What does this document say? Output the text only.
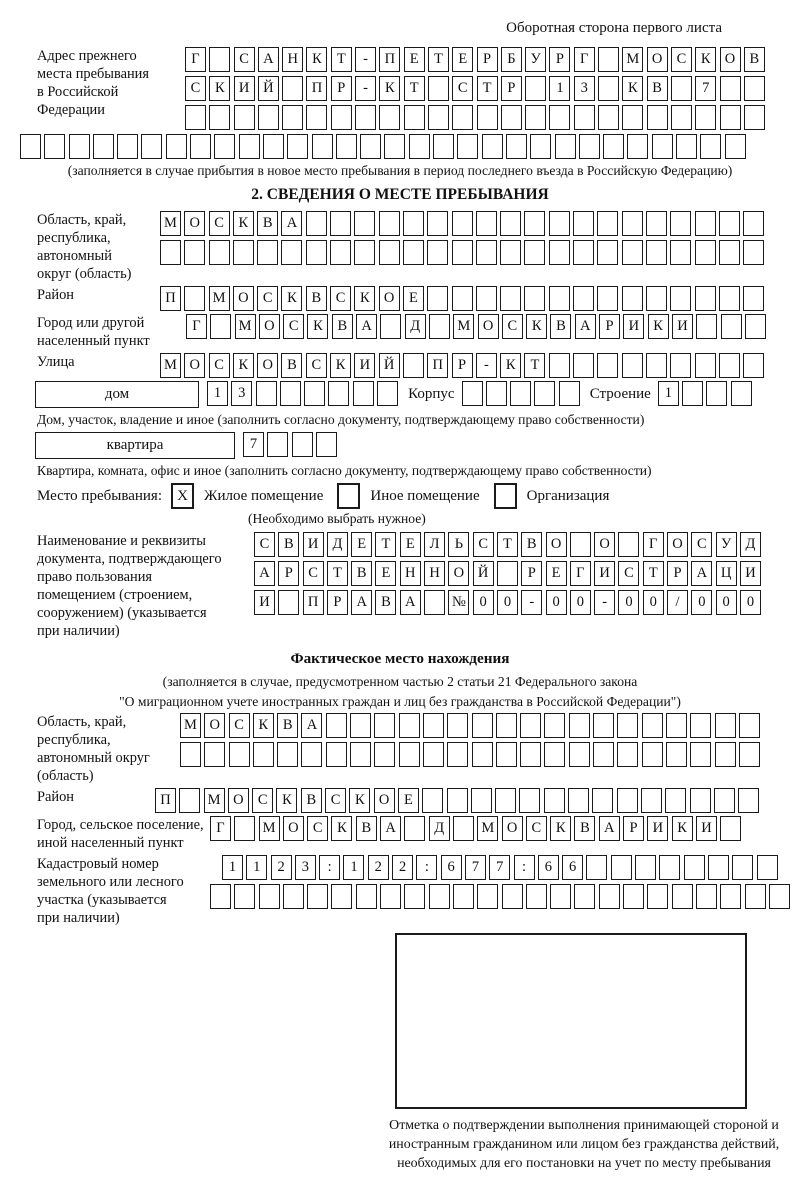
Оборотная сторона первого листа
Адрес прежнего
места пребывания
в Российской
Федерации
Г	С А Н К	Т	-	П	Е	Т	Е	Р	Б	У	Р	Г	М О С	К О В
С	К И Й	П	Р	-	К	Т	С	Т	Р	1	3	К	В	7
(заполняется в случае прибытия в новое место пребывания в период последнего въезда в Российскую Федерацию)
2. СВЕДЕНИЯ О МЕСТЕ ПРЕБЫВАНИЯ
Область, край,
республика,
автономный
округ (область)
М О С	К	В А
Район	П	М О С	К	В	С	К О	Е
Город или другой
населенный пункт
Г	М О С	К	В А	Д	М О С	К	В А	Р	И К И
Улица	М О С	К О В	С	К И Й	П	Р	-	К	Т
дом	1	3	Корпус	Строение 1
Дом, участок, владение и иное (заполнить согласно документу, подтверждающему право собственности)
квартира	7
Квартира, комната, офис и иное (заполнить согласно документу, подтверждающему право собственности)
Место пребывания:	X	Жилое помещение	Иное помещение	Организация
(Необходимо выбрать нужное)
Наименование и реквизиты
документа, подтверждающего
право пользования
помещением (строением,
сооружением) (указывается
при наличии)
С	В И Д	Е	Т	Е	Л	Ь	С	Т	В О	О	Г	О С У Д
А	Р	С	Т	В	Е	Н Н О Й	Р	Е	Г	И С	Т	Р	А Ц И
И	П	Р	А В А	№ 0	0	-	0	0	-	0	0	/	0	0	0
Фактическое место нахождения
(заполняется в случае, предусмотренном частью 2 статьи 21 Федерального закона
"О миграционном учете иностранных граждан и лиц без гражданства в Российской Федерации")
Область, край,
республика,
автономный округ
(область)
М О С	К	В А
Район	П	М О С	К	В	С	К О	Е
Город, сельское поселение,
иной населенный пункт
Г	М О С	К	В А	Д	М О С	К	В А	Р	И К И
Кадастровый номер
земельного или лесного
участка (указывается
при наличии)
1	1	2	3	:	1	2	2	:	6	7	7	:	6	6
Отметка о подтверждении выполнения принимающей стороной и иностранным гражданином или лицом без гражданства действий, необходимых для его постановки на учет по месту пребывания
